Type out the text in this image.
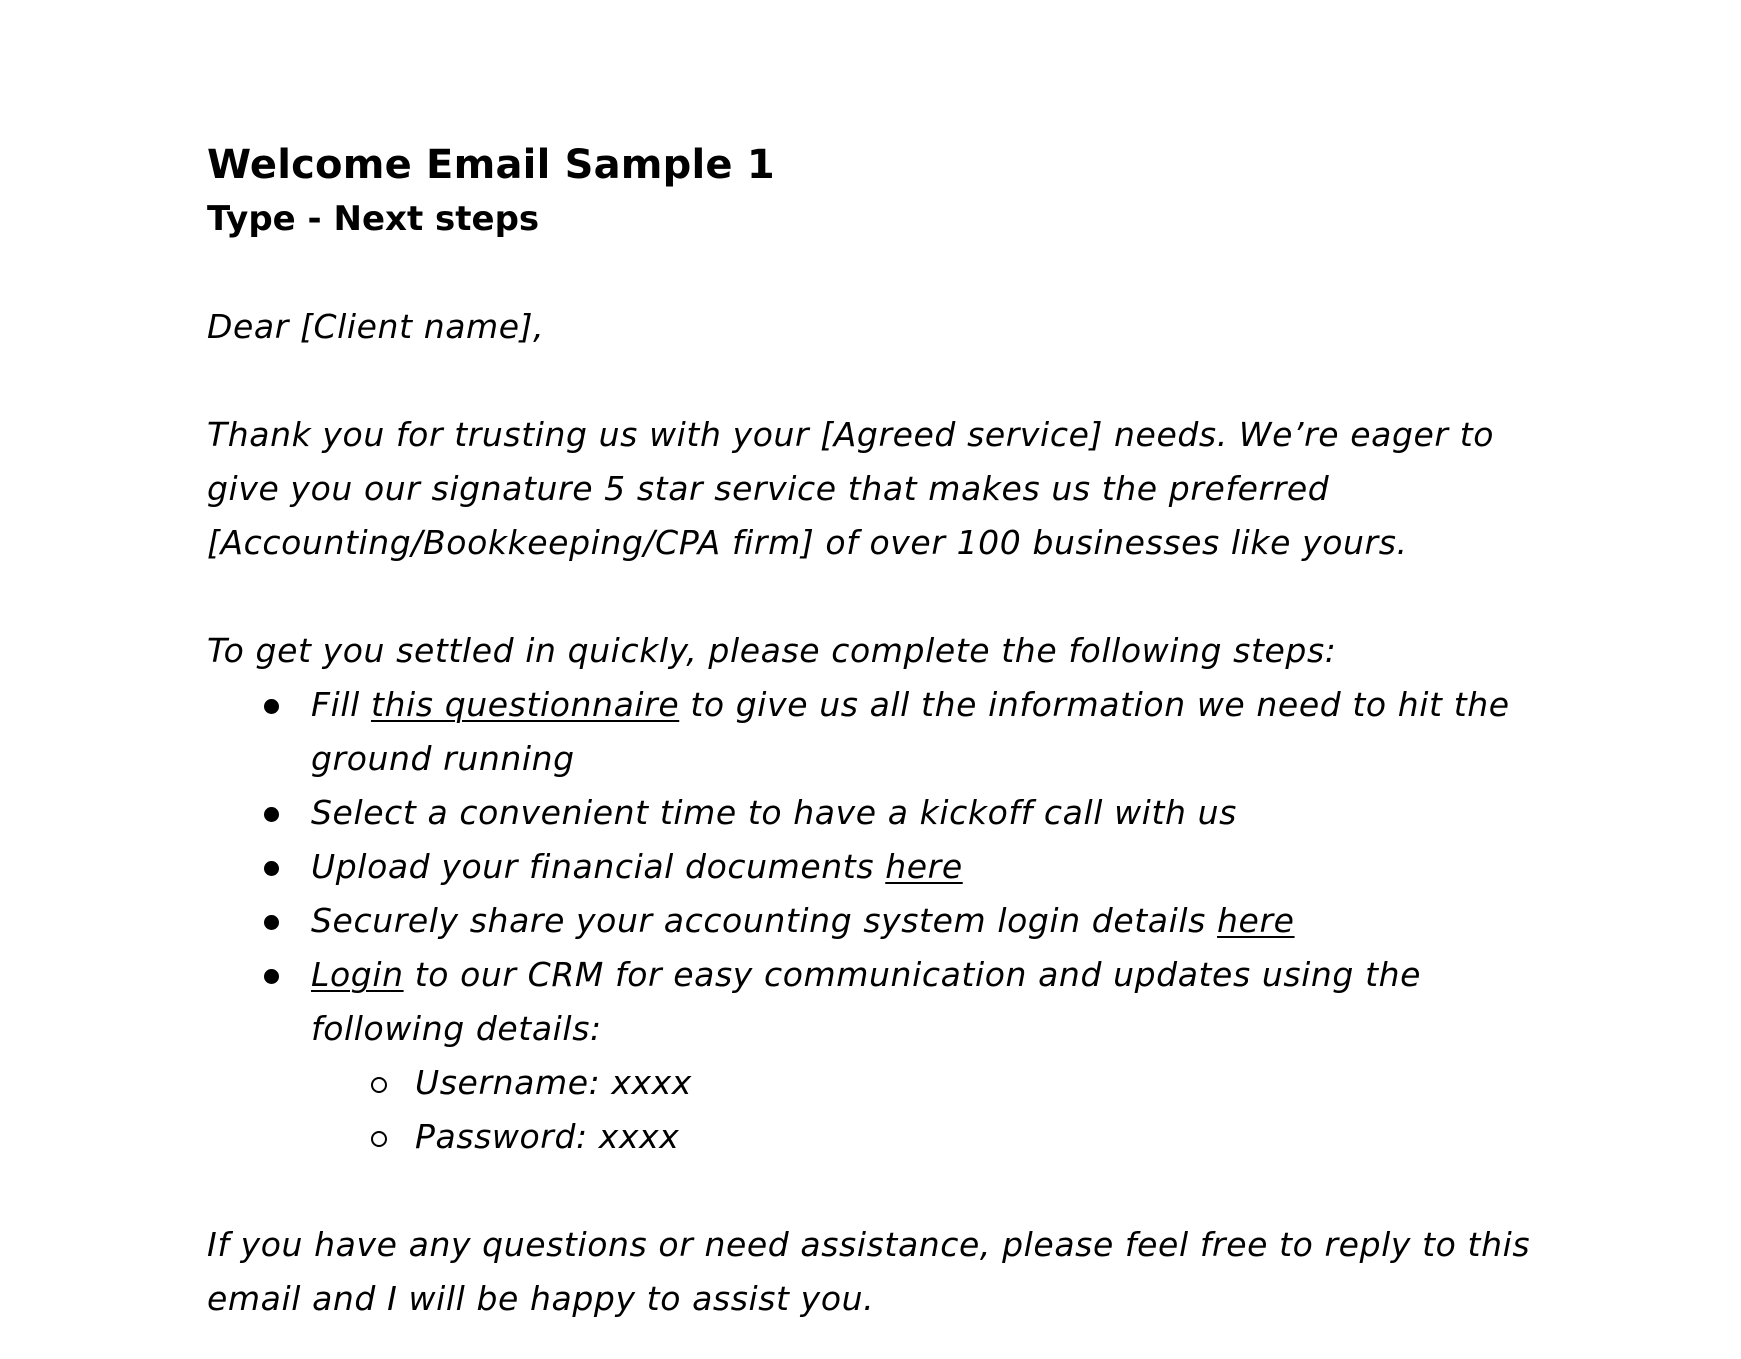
Welcome Email Sample 1
Type - Next steps

Dear [Client name],

Thank you for trusting us with your [Agreed service] needs. We’re eager to give you our signature 5 star service that makes us the preferred [Accounting/Bookkeeping/CPA firm] of over 100 businesses like yours.

To get you settled in quickly, please complete the following steps:

Fill this questionnaire to give us all the information we need to hit the ground running
Select a convenient time to have a kickoff call with us
Upload your financial documents here
Securely share your accounting system login details here
Login to our CRM for easy communication and updates using the following details:
Username: xxxx
Password: xxxx

If you have any questions or need assistance, please feel free to reply to this email and I will be happy to assist you.
